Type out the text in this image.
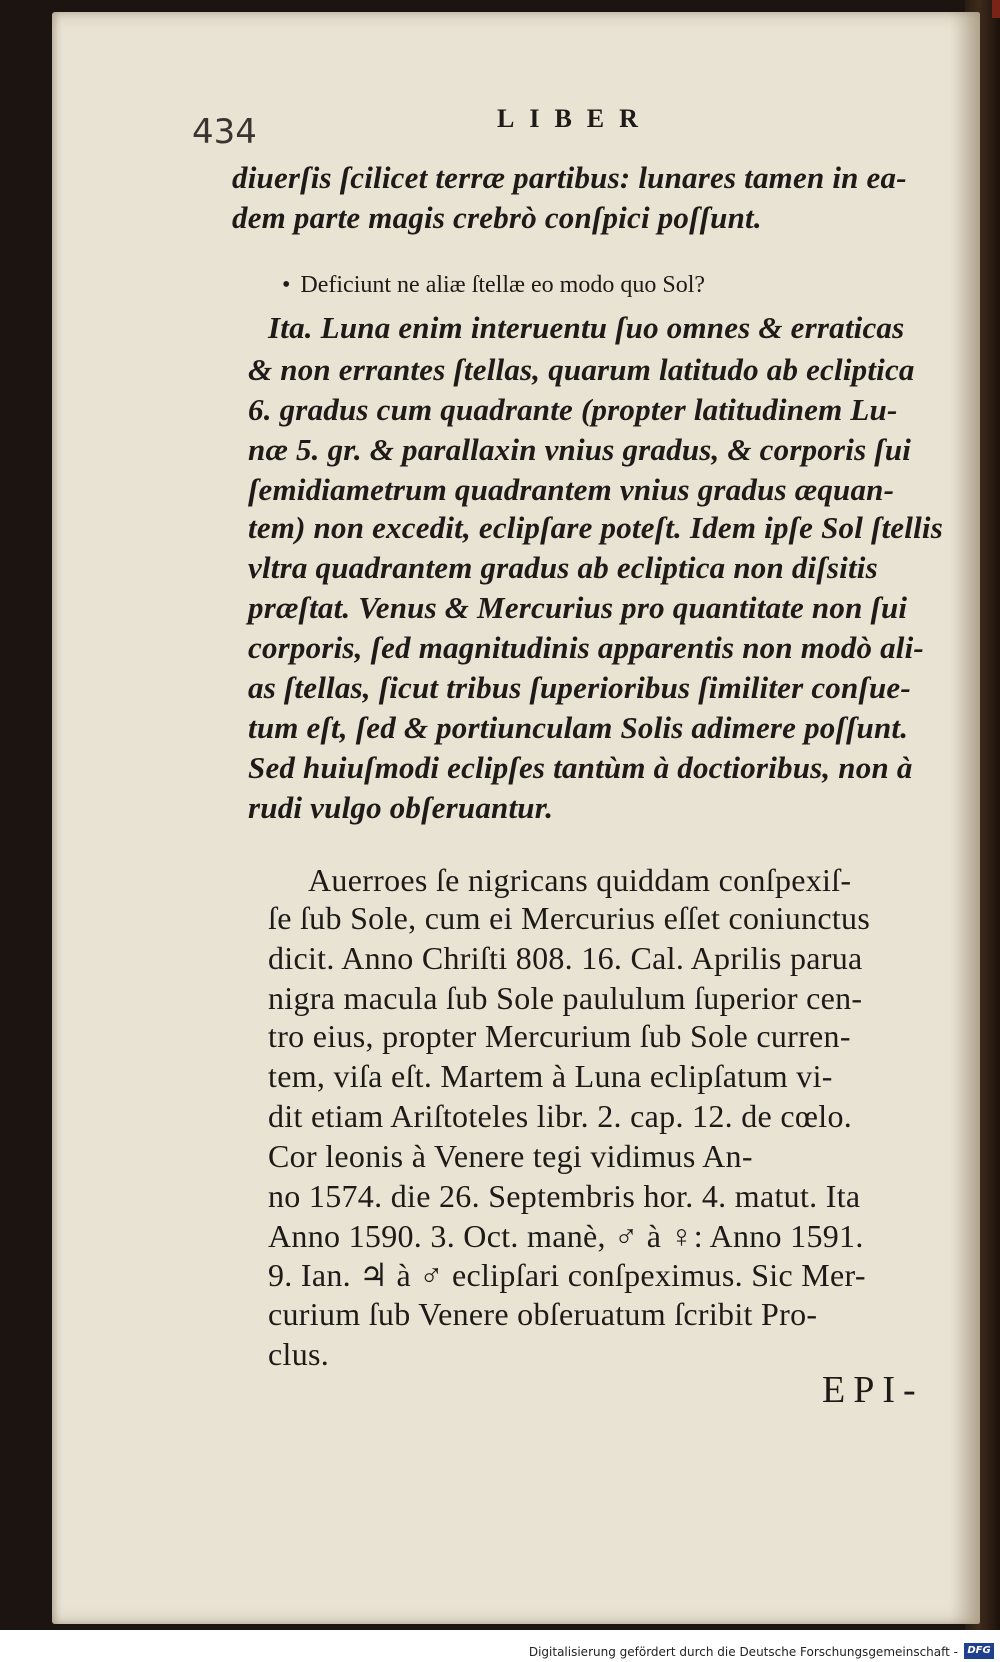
434	LIBER
diuerſis ſcilicet terræ partibus: lunares tamen in ea-
dem parte magis crebrò conſpici poſſunt.
• Deficiunt ne aliæ ſtellæ eo modo quo Sol?
Ita. Luna enim interuentu ſuo omnes & erraticas
& non errantes ſtellas, quarum latitudo ab ecliptica
6. gradus cum quadrante (propter latitudinem Lu-
næ 5. gr. & parallaxin vnius gradus, & corporis ſui
ſemidiametrum quadrantem vnius gradus æquan-
tem) non excedit, eclipſare poteſt. Idem ipſe Sol ſtellis
vltra quadrantem gradus ab ecliptica non diſsitis
præſtat. Venus & Mercurius pro quantitate non ſui
corporis, ſed magnitudinis apparentis non modò ali-
as ſtellas, ſicut tribus ſuperioribus ſimiliter conſue-
tum eſt, ſed & portiunculam Solis adimere poſſunt.
Sed huiuſmodi eclipſes tantùm à doctioribus, non à
rudi vulgo obſeruantur.
Auerroes ſe nigricans quiddam conſpexiſ-
ſe ſub Sole, cum ei Mercurius eſſet coniunctus
dicit. Anno Chriſti 808. 16. Cal. Aprilis parua
nigra macula ſub Sole paululum ſuperior cen-
tro eius, propter Mercurium ſub Sole curren-
tem, viſa eſt. Martem à Luna eclipſatum vi-
dit etiam Ariſtoteles libr. 2. cap. 12. de cœlo.
Cor leonis à Venere tegi vidimus An-
no 1574. die 26. Septembris hor. 4. matut. Ita
Anno 1590. 3. Oct. manè, ♂ à ♀: Anno 1591.
9. Ian. ♃ à ♂ eclipſari conſpeximus. Sic Mer-
curium ſub Venere obſeruatum ſcribit Pro-
clus.
EPI-
Digitalisierung gefördert durch die Deutsche Forschungsgemeinschaft - DFG
